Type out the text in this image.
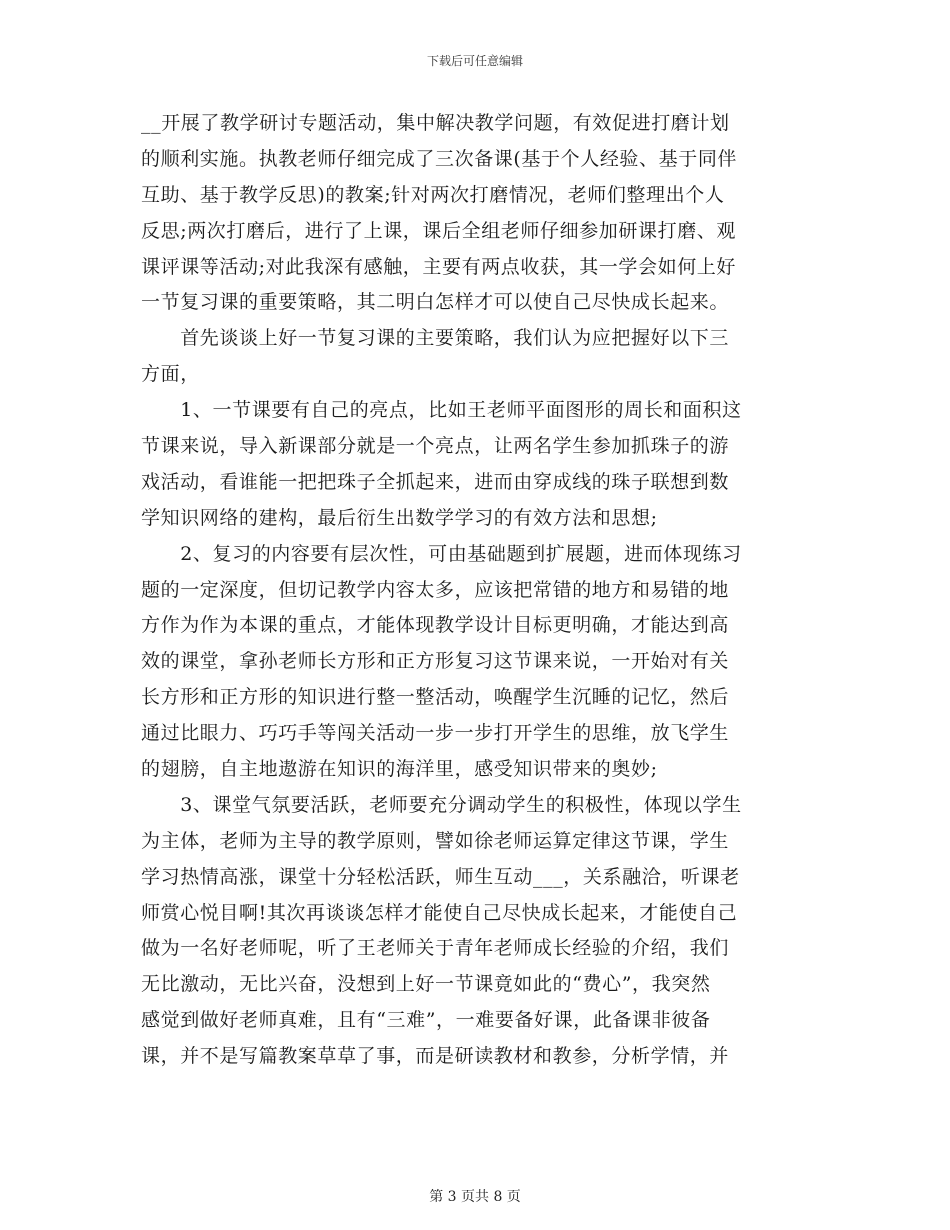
下载后可任意编辑
__开展了教学研讨专题活动，集中解决教学问题，有效促进打磨计划
的顺利实施。执教老师仔细完成了三次备课(基于个人经验、基于同伴
互助、基于教学反思)的教案;针对两次打磨情况，老师们整理出个人
反思;两次打磨后，进行了上课，课后全组老师仔细参加研课打磨、观
课评课等活动;对此我深有感触，主要有两点收获，其一学会如何上好
一节复习课的重要策略，其二明白怎样才可以使自己尽快成长起来。
　　首先谈谈上好一节复习课的主要策略，我们认为应把握好以下三
方面，
　　1、一节课要有自己的亮点，比如王老师平面图形的周长和面积这
节课来说，导入新课部分就是一个亮点，让两名学生参加抓珠子的游
戏活动，看谁能一把把珠子全抓起来，进而由穿成线的珠子联想到数
学知识网络的建构，最后衍生出数学学习的有效方法和思想;
　　2、复习的内容要有层次性，可由基础题到扩展题，进而体现练习
题的一定深度，但切记教学内容太多，应该把常错的地方和易错的地
方作为作为本课的重点，才能体现教学设计目标更明确，才能达到高
效的课堂，拿孙老师长方形和正方形复习这节课来说，一开始对有关
长方形和正方形的知识进行整一整活动，唤醒学生沉睡的记忆，然后
通过比眼力、巧巧手等闯关活动一步一步打开学生的思维，放飞学生
的翅膀，自主地遨游在知识的海洋里，感受知识带来的奥妙;
　　3、课堂气氛要活跃，老师要充分调动学生的积极性，体现以学生
为主体，老师为主导的教学原则，譬如徐老师运算定律这节课，学生
学习热情高涨，课堂十分轻松活跃，师生互动___，关系融洽，听课老
师赏心悦目啊!其次再谈谈怎样才能使自己尽快成长起来，才能使自己
做为一名好老师呢，听了王老师关于青年老师成长经验的介绍，我们
无比激动，无比兴奋，没想到上好一节课竟如此的“费心”，我突然
感觉到做好老师真难，且有“三难”，一难要备好课，此备课非彼备
课，并不是写篇教案草草了事，而是研读教材和教参，分析学情，并
第 3 页共 8 页
